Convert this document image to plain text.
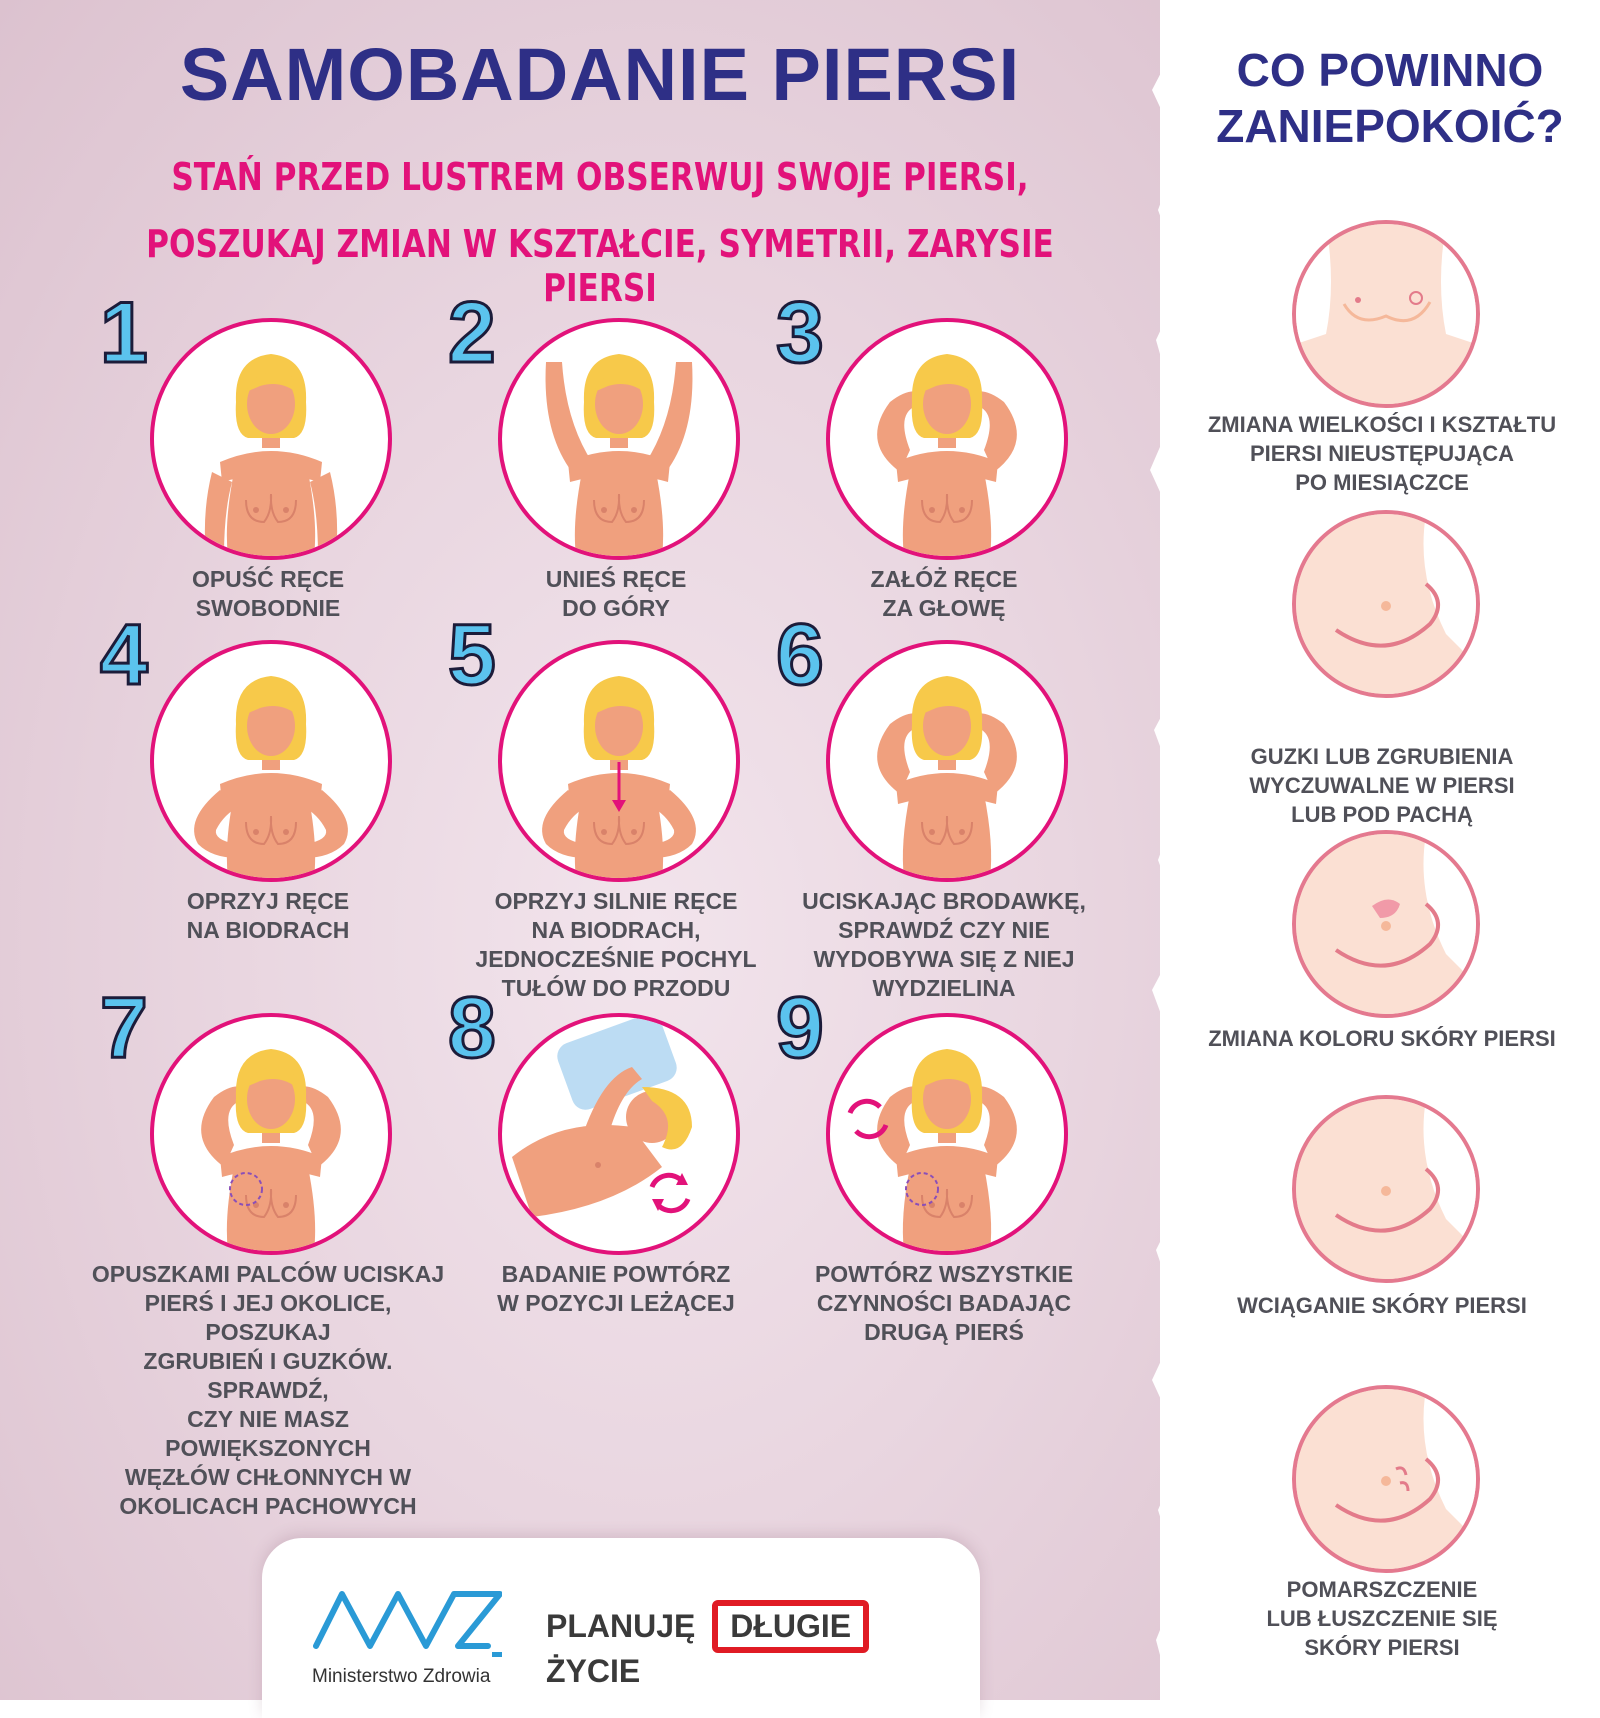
SAMOBADANIE PIERSI
STAŃ PRZED LUSTREM OBSERWUJ SWOJE PIERSI,
POSZUKAJ ZMIAN W KSZTAŁCIE, SYMETRII, ZARYSIE PIERSI
1
OPUŚĆ RĘCE
SWOBODNIE
2
UNIEŚ RĘCE
DO GÓRY
3
ZAŁÓŻ RĘCE
ZA GŁOWĘ
4
OPRZYJ RĘCE
NA BIODRACH
5
OPRZYJ SILNIE RĘCE
NA BIODRACH,
JEDNOCZEŚNIE POCHYL
TUŁÓW DO PRZODU
6
UCISKAJĄC BRODAWKĘ,
SPRAWDŹ CZY NIE
WYDOBYWA SIĘ Z NIEJ
WYDZIELINA
7
OPUSZKAMI PALCÓW UCISKAJ
PIERŚ I JEJ OKOLICE, POSZUKAJ
ZGRUBIEŃ I GUZKÓW. SPRAWDŹ,
CZY NIE MASZ POWIĘKSZONYCH
WĘZŁÓW CHŁONNYCH W
OKOLICACH PACHOWYCH
8
BADANIE POWTÓRZ
W POZYCJI LEŻĄCEJ
9
POWTÓRZ WSZYSTKIE
CZYNNOŚCI BADAJĄC
DRUGĄ PIERŚ
CO POWINNO
ZANIEPOKOIĆ?
ZMIANA WIELKOŚCI I KSZTAŁTU
PIERSI NIEUSTĘPUJĄCA
PO MIESIĄCZCE
GUZKI LUB ZGRUBIENIA
WYCZUWALNE W PIERSI
LUB POD PACHĄ
ZMIANA KOLORU SKÓRY PIERSI
WCIĄGANIE SKÓRY PIERSI
POMARSZCZENIE
LUB ŁUSZCZENIE SIĘ
SKÓRY PIERSI
Ministerstwo Zdrowia
PLANUJĘ DŁUGIE ŻYCIE
